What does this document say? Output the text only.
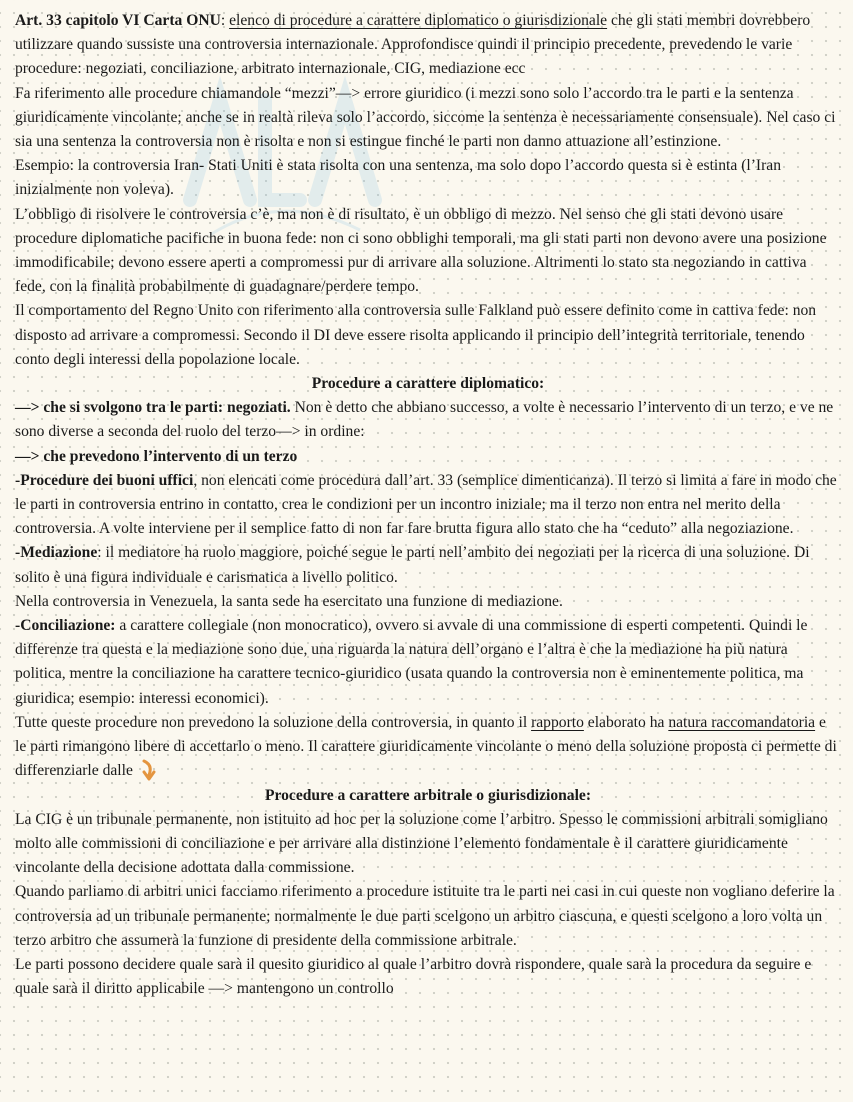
Art. 33 capitolo VI Carta ONU: elenco di procedure a carattere diplomatico o giurisdizionale che gli stati membri dovrebbero utilizzare quando sussiste una controversia internazionale. Approfondisce quindi il principio precedente, prevedendo le varie procedure: negoziati, conciliazione, arbitrato internazionale, CIG, mediazione ecc

Fa riferimento alle procedure chiamandole “mezzi”—> errore giuridico (i mezzi sono solo l’accordo tra le parti e la sentenza giuridicamente vincolante; anche se in realtà rileva solo l’accordo, siccome la sentenza è necessariamente consensuale). Nel caso ci sia una sentenza la controversia non è risolta e non si estingue finché le parti non danno attuazione all’estinzione.

Esempio: la controversia Iran- Stati Uniti è stata risolta con una sentenza, ma solo dopo l’accordo questa si è estinta (l’Iran inizialmente non voleva).

L’obbligo di risolvere le controversia c’è, ma non è di risultato, è un obbligo di mezzo. Nel senso che gli stati devono usare procedure diplomatiche pacifiche in buona fede: non ci sono obblighi temporali, ma gli stati parti non devono avere una posizione immodificabile; devono essere aperti a compromessi pur di arrivare alla soluzione. Altrimenti lo stato sta negoziando in cattiva fede, con la finalità probabilmente di guadagnare/perdere tempo.

Il comportamento del Regno Unito con riferimento alla controversia sulle Falkland può essere definito come in cattiva fede: non disposto ad arrivare a compromessi. Secondo il DI deve essere risolta applicando il principio dell’integrità territoriale, tenendo conto degli interessi della popolazione locale.

Procedure a carattere diplomatico:

—> che si svolgono tra le parti: negoziati. Non è detto che abbiano successo, a volte è necessario l’intervento di un terzo, e ve ne sono diverse a seconda del ruolo del terzo—> in ordine:

—> che prevedono l’intervento di un terzo

-Procedure dei buoni uffici, non elencati come procedura dall’art. 33 (semplice dimenticanza). Il terzo si limita a fare in modo che le parti in controversia entrino in contatto, crea le condizioni per un incontro iniziale; ma il terzo non entra nel merito della controversia. A volte interviene per il semplice fatto di non far fare brutta figura allo stato che ha “ceduto” alla negoziazione.

-Mediazione: il mediatore ha ruolo maggiore, poiché segue le parti nell’ambito dei negoziati per la ricerca di una soluzione. Di solito è una figura individuale e carismatica a livello politico.

Nella controversia in Venezuela, la santa sede ha esercitato una funzione di mediazione.

-Conciliazione: a carattere collegiale (non monocratico), ovvero si avvale di una commissione di esperti competenti. Quindi le differenze tra questa e la mediazione sono due, una riguarda la natura dell’organo e l’altra è che la mediazione ha più natura politica, mentre la conciliazione ha carattere tecnico-giuridico (usata quando la controversia non è eminentemente politica, ma giuridica; esempio: interessi economici).

Tutte queste procedure non prevedono la soluzione della controversia, in quanto il rapporto elaborato ha natura raccomandatoria e le parti rimangono libere di accettarlo o meno. Il carattere giuridicamente vincolante o meno della soluzione proposta ci permette di differenziarle dalle

Procedure a carattere arbitrale o giurisdizionale:

La CIG è un tribunale permanente, non istituito ad hoc per la soluzione come l’arbitro. Spesso le commissioni arbitrali somigliano molto alle commissioni di conciliazione e per arrivare alla distinzione l’elemento fondamentale è il carattere giuridicamente vincolante della decisione adottata dalla commissione.

Quando parliamo di arbitri unici facciamo riferimento a procedure istituite tra le parti nei casi in cui queste non vogliano deferire la controversia ad un tribunale permanente; normalmente le due parti scelgono un arbitro ciascuna, e questi scelgono a loro volta un terzo arbitro che assumerà la funzione di presidente della commissione arbitrale.

Le parti possono decidere quale sarà il quesito giuridico al quale l’arbitro dovrà rispondere, quale sarà la procedura da seguire e quale sarà il diritto applicabile —> mantengono un controllo
